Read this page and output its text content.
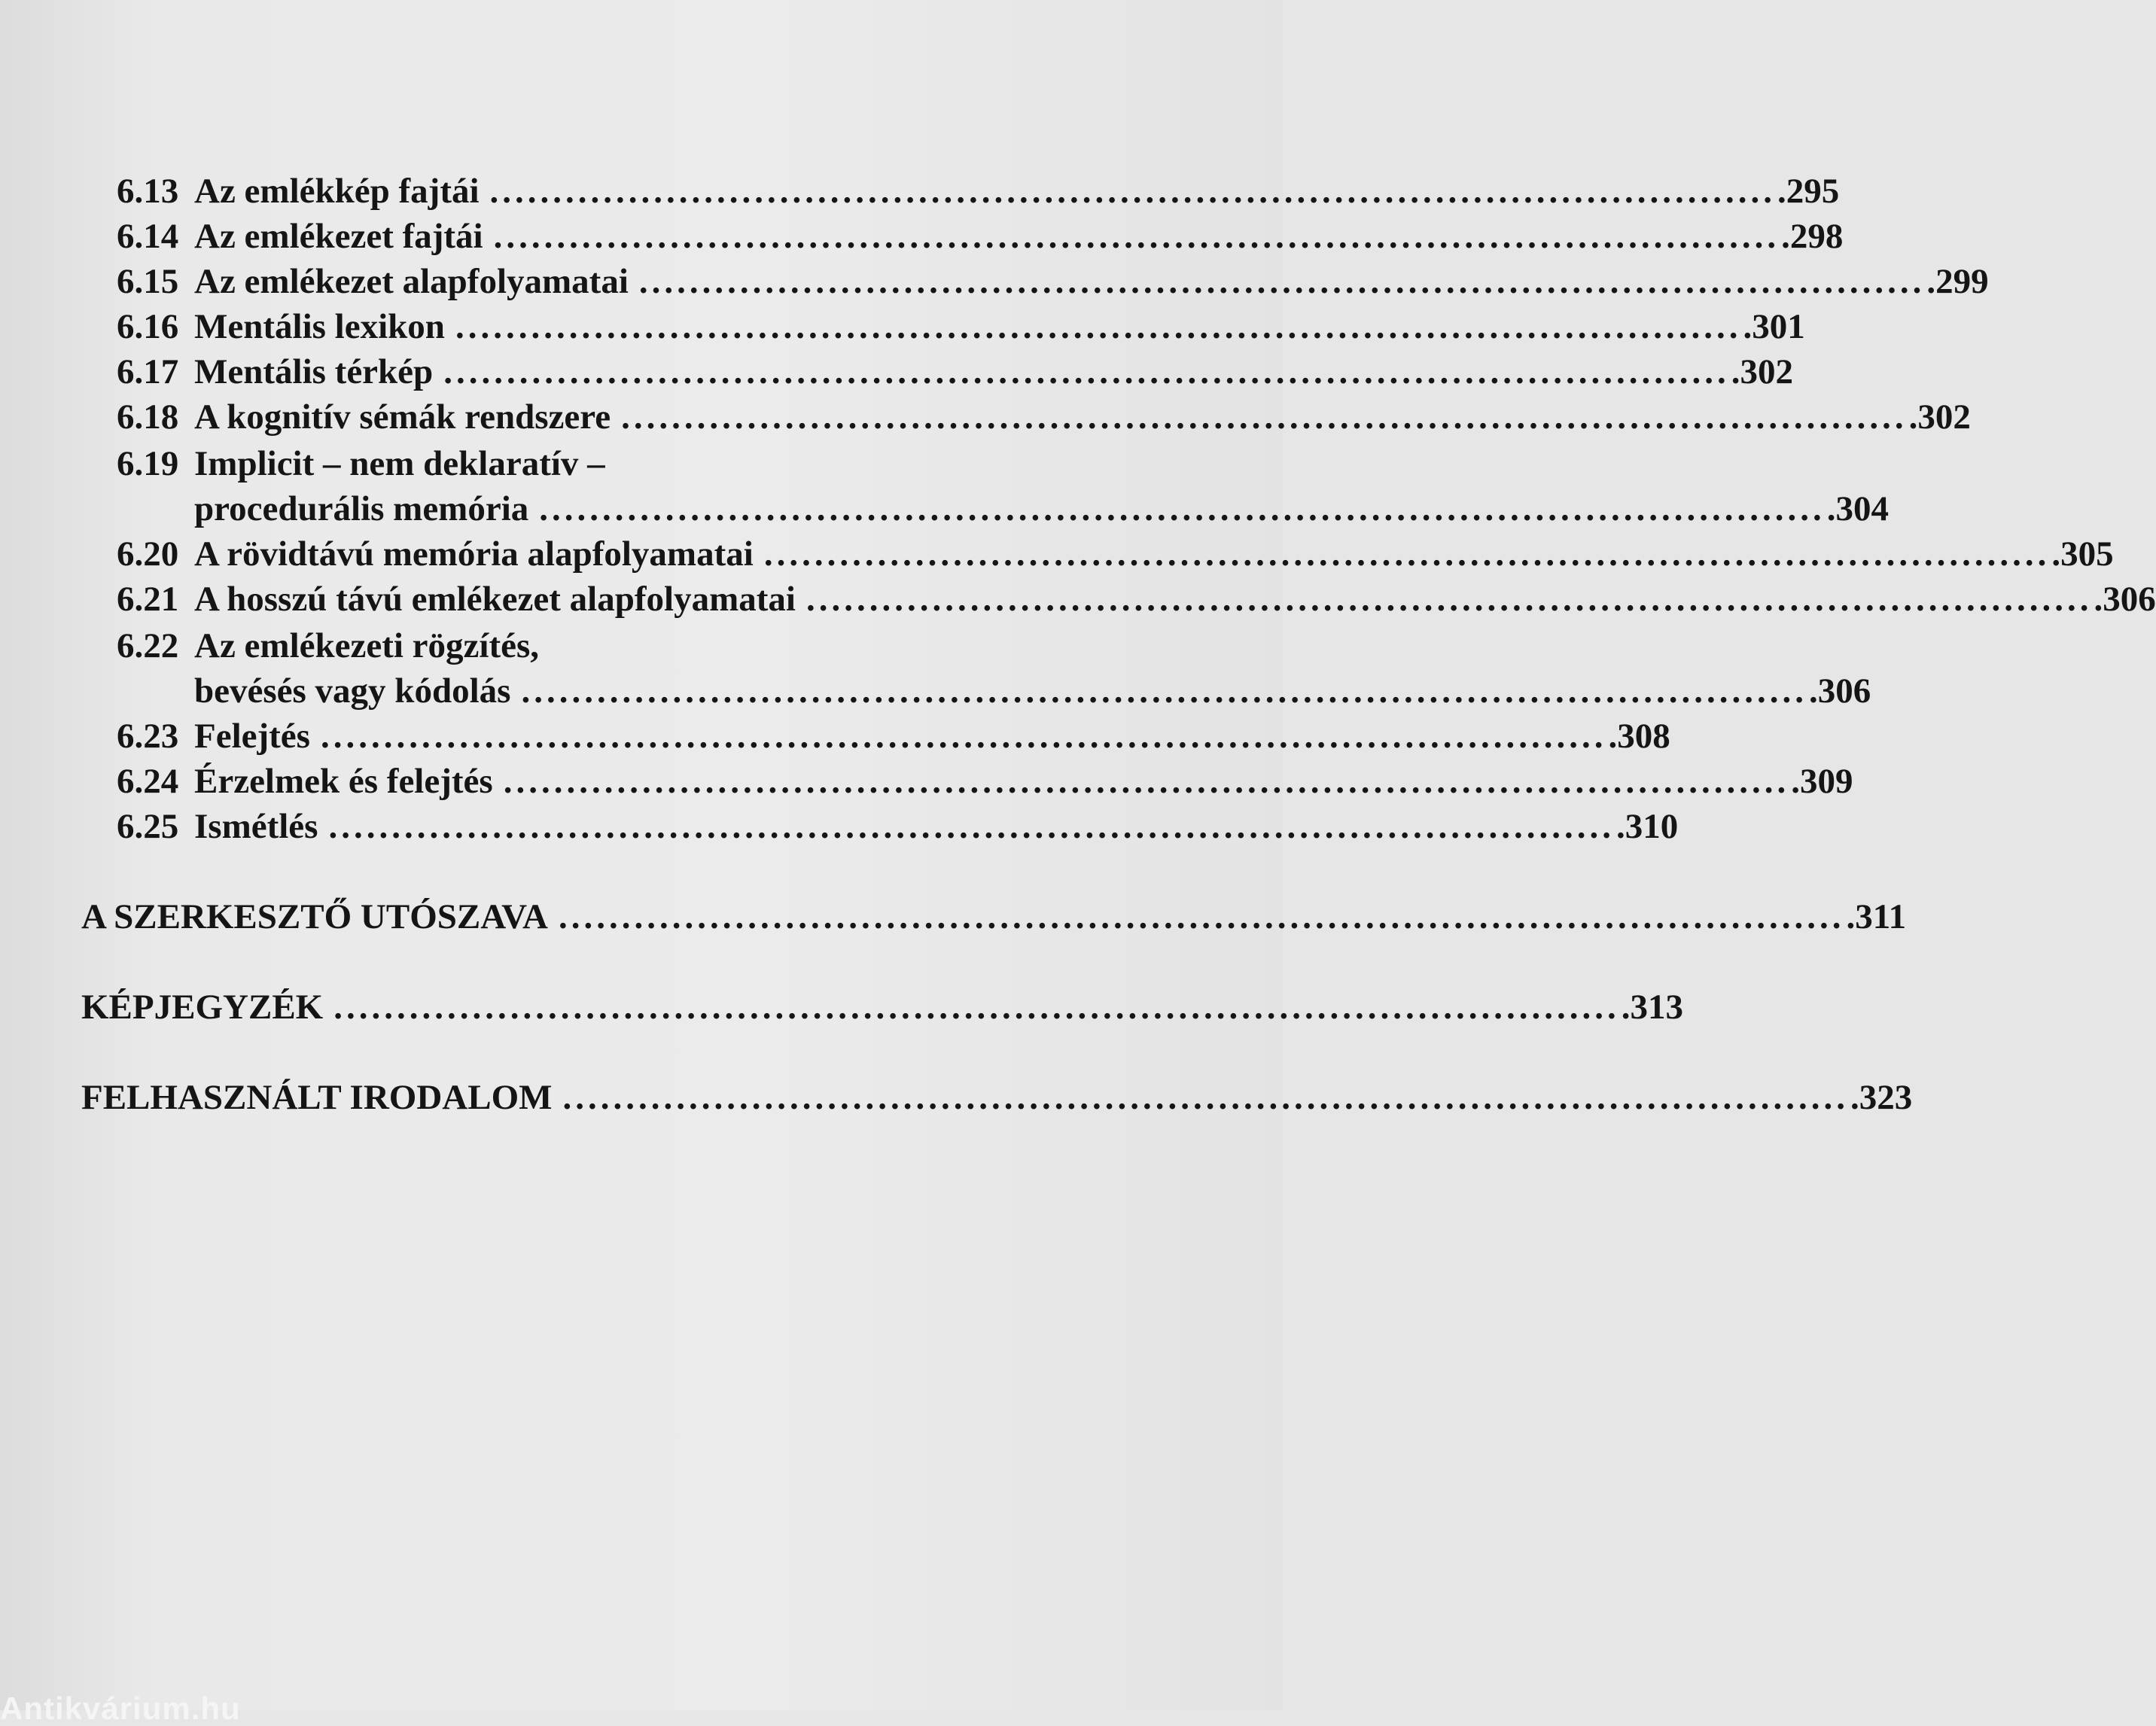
6.13 Az emlékkép fajtái ...................................................................................................... .295
6.14 Az emlékezet fajtái ...................................................................................................... .298
6.15 Az emlékezet alapfolyamatai ...................................................................................................... .299
6.16 Mentális lexikon ...................................................................................................... .301
6.17 Mentális térkép ...................................................................................................... .302
6.18 A kognitív sémák rendszere ...................................................................................................... .302
6.19 Implicit – nem deklaratív –
procedurális memória ...................................................................................................... .304
6.20 A rövidtávú memória alapfolyamatai ...................................................................................................... .305
6.21 A hosszú távú emlékezet alapfolyamatai ...................................................................................................... .306
6.22 Az emlékezeti rögzítés,
bevésés vagy kódolás ...................................................................................................... .306
6.23 Felejtés ...................................................................................................... .308
6.24 Érzelmek és felejtés ...................................................................................................... .309
6.25 Ismétlés ...................................................................................................... .310
A SZERKESZTŐ UTÓSZAVA ...................................................................................................... .311
KÉPJEGYZÉK ...................................................................................................... .313
FELHASZNÁLT IRODALOM ...................................................................................................... .323
Antikvárium.hu
